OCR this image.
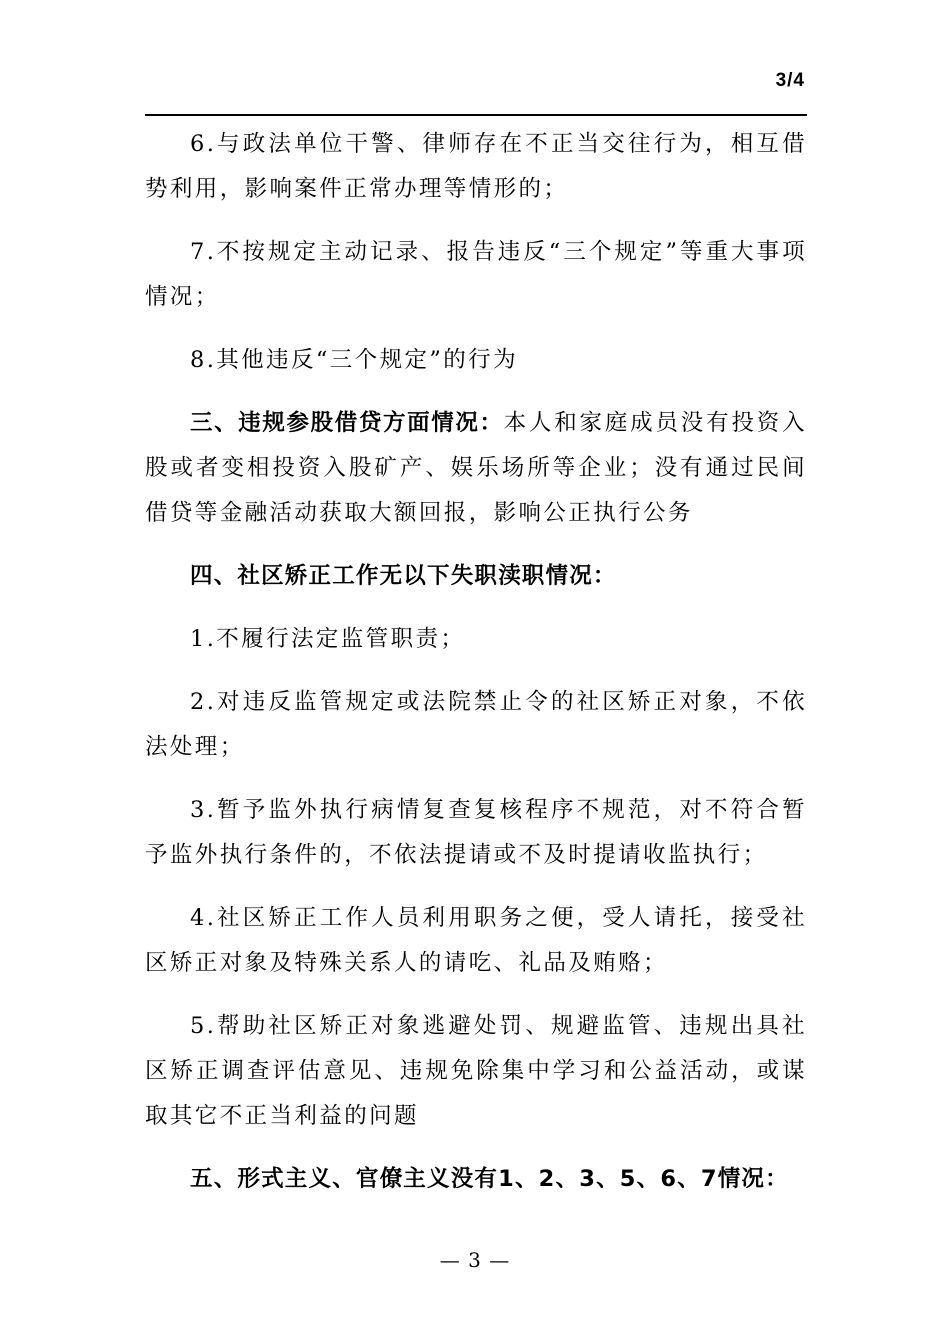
3/4

6.与政法单位干警、律师存在不正当交往行为，相互借势利用，影响案件正常办理等情形的；

7.不按规定主动记录、报告违反“三个规定”等重大事项情况；

8.其他违反“三个规定”的行为

三、违规参股借贷方面情况：本人和家庭成员没有投资入股或者变相投资入股矿产、娱乐场所等企业；没有通过民间借贷等金融活动获取大额回报，影响公正执行公务

四、社区矫正工作无以下失职渎职情况：

1.不履行法定监管职责；

2.对违反监管规定或法院禁止令的社区矫正对象，不依法处理；

3.暂予监外执行病情复查复核程序不规范，对不符合暂予监外执行条件的，不依法提请或不及时提请收监执行；

4.社区矫正工作人员利用职务之便，受人请托，接受社区矫正对象及特殊关系人的请吃、礼品及贿赂；

5.帮助社区矫正对象逃避处罚、规避监管、违规出具社区矫正调查评估意见、违规免除集中学习和公益活动，或谋取其它不正当利益的问题

五、形式主义、官僚主义没有1、2、3、5、6、7情况：

— 3 —
